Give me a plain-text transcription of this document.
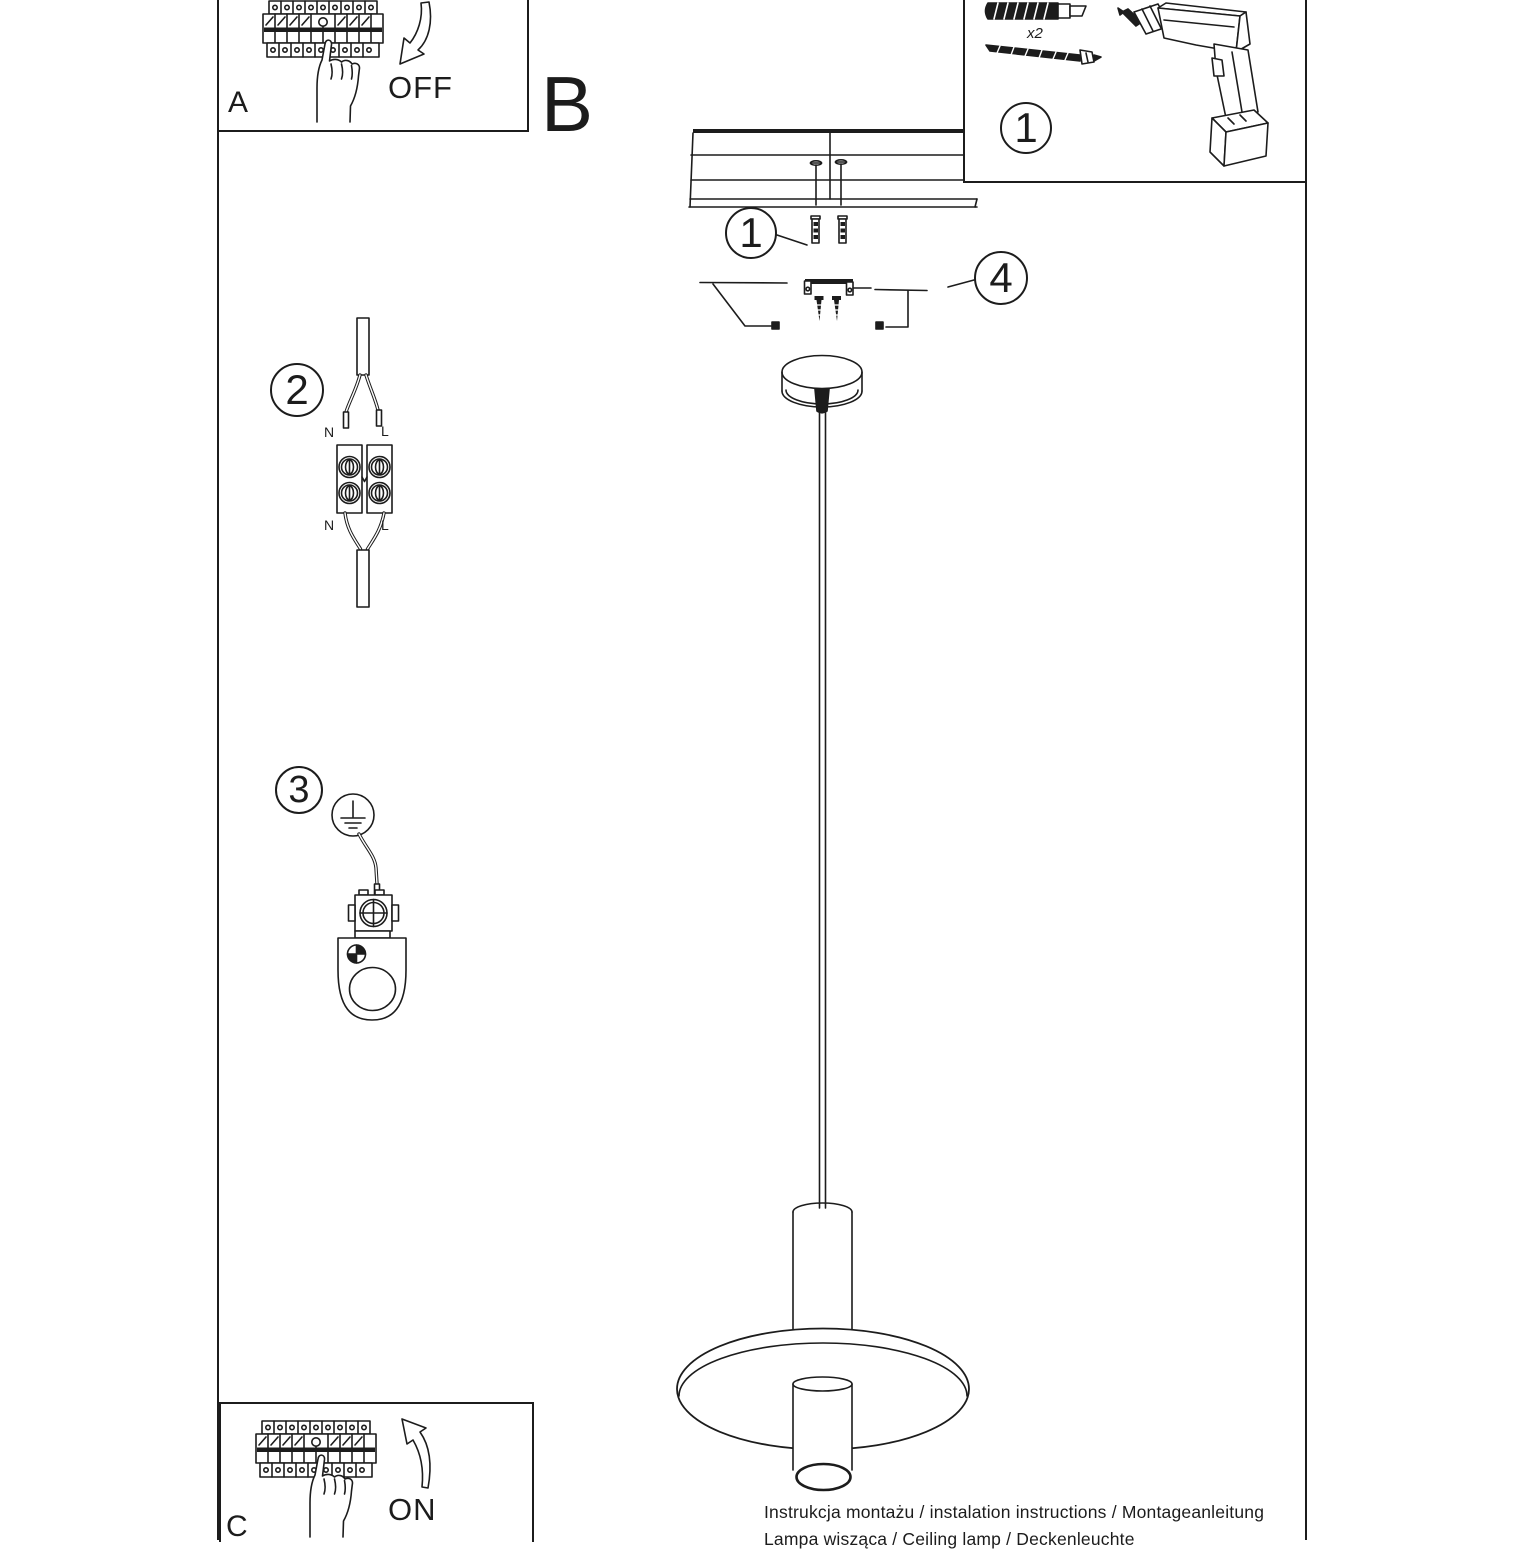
A	OFF B
x2
1
1
4
2
3
N	L
N	L
C	ON	Instrukcja montażu / instalation instructions / Montageanleitung
Lampa wisząca / Ceiling lamp / Deckenleuchte
